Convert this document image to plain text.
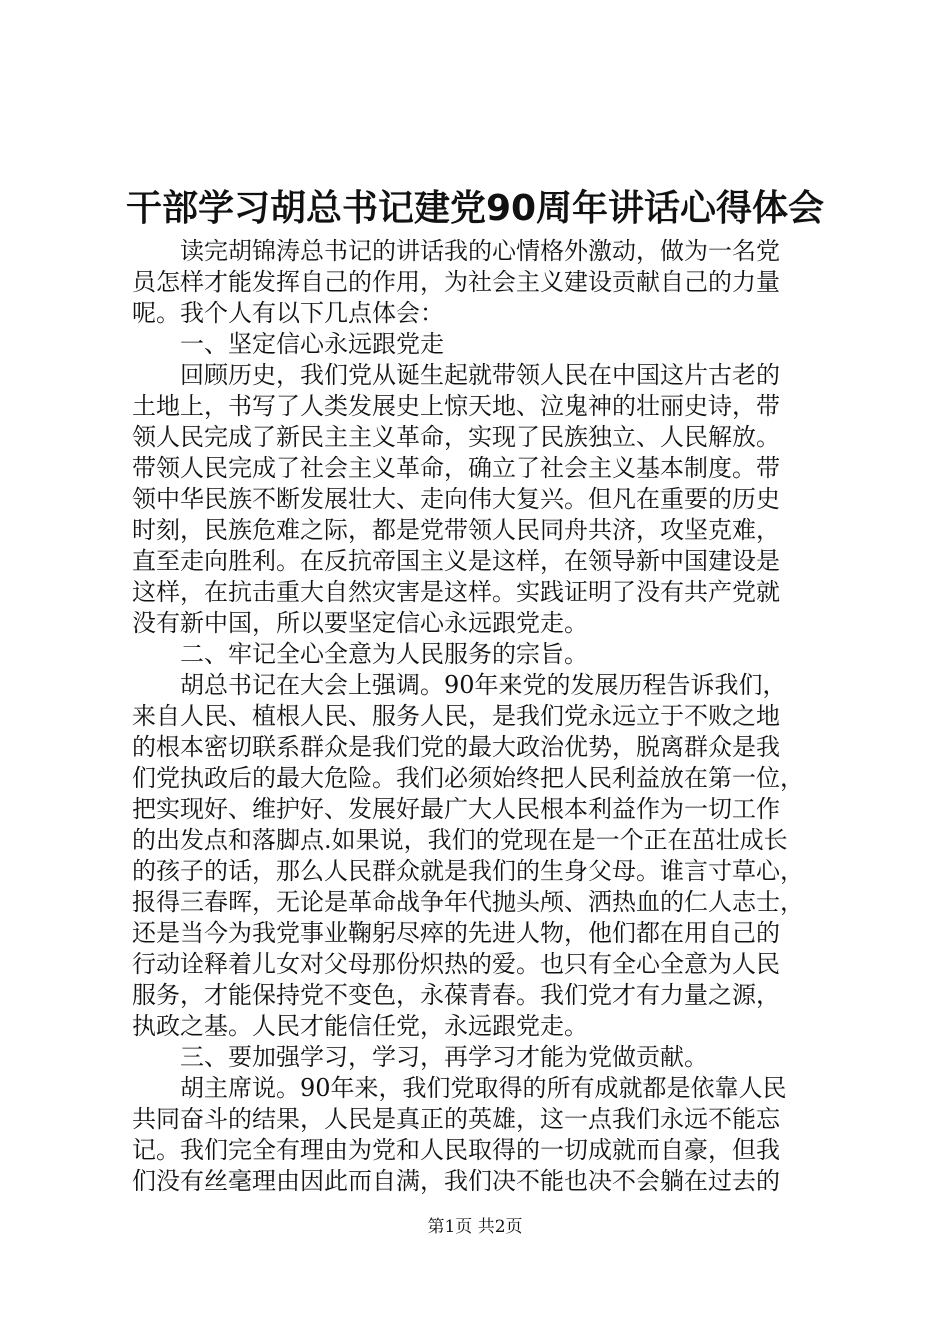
干部学习胡总书记建党90周年讲话心得体会
读完胡锦涛总书记的讲话我的心情格外激动，做为一名党
员怎样才能发挥自己的作用，为社会主义建设贡献自己的力量
呢。我个人有以下几点体会：
一、坚定信心永远跟党走
回顾历史，我们党从诞生起就带领人民在中国这片古老的
土地上，书写了人类发展史上惊天地、泣鬼神的壮丽史诗，带
领人民完成了新民主主义革命，实现了民族独立、人民解放。
带领人民完成了社会主义革命，确立了社会主义基本制度。带
领中华民族不断发展壮大、走向伟大复兴。但凡在重要的历史
时刻，民族危难之际，都是党带领人民同舟共济，攻坚克难，
直至走向胜利。在反抗帝国主义是这样，在领导新中国建设是
这样，在抗击重大自然灾害是这样。实践证明了没有共产党就
没有新中国，所以要坚定信心永远跟党走。
二、牢记全心全意为人民服务的宗旨。
胡总书记在大会上强调。90年来党的发展历程告诉我们，
来自人民、植根人民、服务人民，是我们党永远立于不败之地
的根本密切联系群众是我们党的最大政治优势，脱离群众是我
们党执政后的最大危险。我们必须始终把人民利益放在第一位，
把实现好、维护好、发展好最广大人民根本利益作为一切工作
的出发点和落脚点.如果说，我们的党现在是一个正在茁壮成长
的孩子的话，那么人民群众就是我们的生身父母。谁言寸草心，
报得三春晖，无论是革命战争年代抛头颅、洒热血的仁人志士，
还是当今为我党事业鞠躬尽瘁的先进人物，他们都在用自己的
行动诠释着儿女对父母那份炽热的爱。也只有全心全意为人民
服务，才能保持党不变色，永葆青春。我们党才有力量之源，
执政之基。人民才能信任党，永远跟党走。
三、要加强学习，学习，再学习才能为党做贡献。
胡主席说。90年来，我们党取得的所有成就都是依靠人民
共同奋斗的结果，人民是真正的英雄，这一点我们永远不能忘
记。我们完全有理由为党和人民取得的一切成就而自豪，但我
们没有丝毫理由因此而自满，我们决不能也决不会躺在过去的
第1页 共2页
